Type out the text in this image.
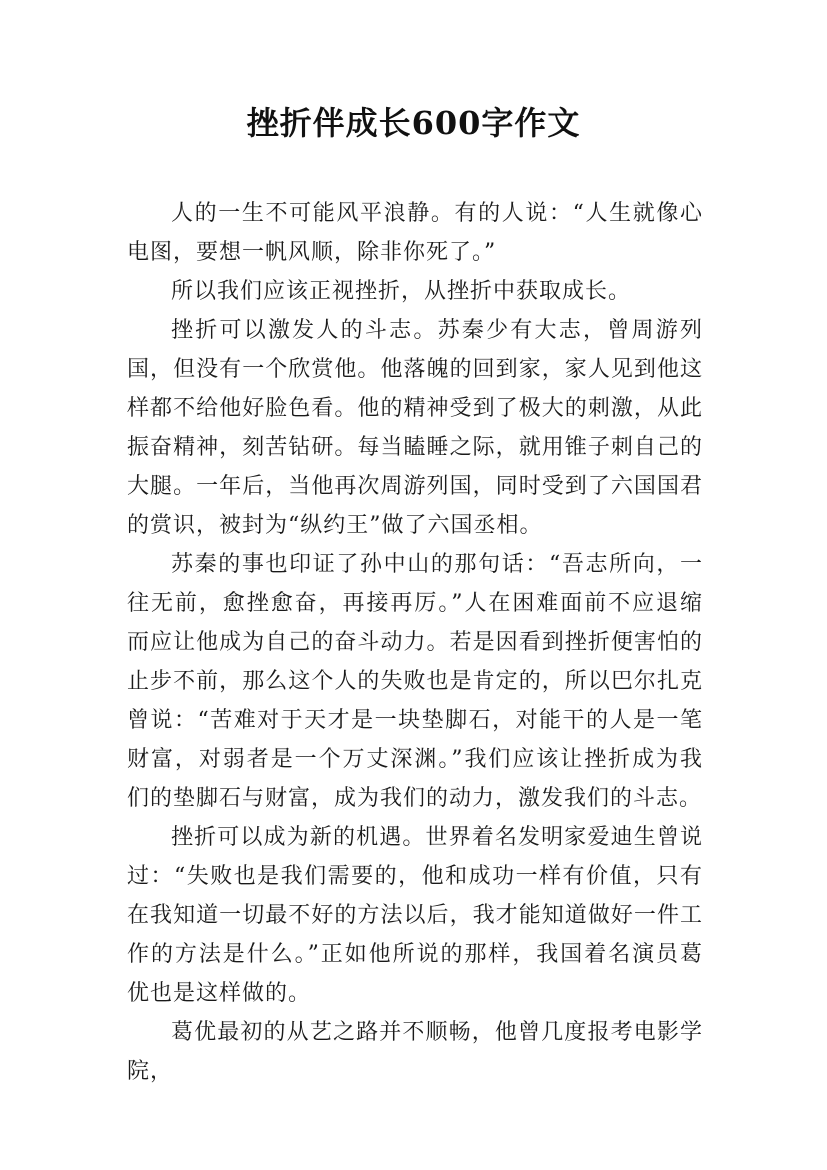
挫折伴成长600字作文

人的一生不可能风平浪静。有的人说：“人生就像心电图，要想一帆风顺，除非你死了。”

所以我们应该正视挫折，从挫折中获取成长。

挫折可以激发人的斗志。苏秦少有大志，曾周游列国，但没有一个欣赏他。他落魄的回到家，家人见到他这样都不给他好脸色看。他的精神受到了极大的刺激，从此振奋精神，刻苦钻研。每当瞌睡之际，就用锥子刺自己的大腿。一年后，当他再次周游列国，同时受到了六国国君的赏识，被封为“纵约王”做了六国丞相。

苏秦的事也印证了孙中山的那句话：“吾志所向，一往无前，愈挫愈奋，再接再厉。”人在困难面前不应退缩而应让他成为自己的奋斗动力。若是因看到挫折便害怕的止步不前，那么这个人的失败也是肯定的，所以巴尔扎克曾说：“苦难对于天才是一块垫脚石，对能干的人是一笔财富，对弱者是一个万丈深渊。”我们应该让挫折成为我们的垫脚石与财富，成为我们的动力，激发我们的斗志。

挫折可以成为新的机遇。世界着名发明家爱迪生曾说过：“失败也是我们需要的，他和成功一样有价值，只有在我知道一切最不好的方法以后，我才能知道做好一件工作的方法是什么。”正如他所说的那样，我国着名演员葛优也是这样做的。

葛优最初的从艺之路并不顺畅，他曾几度报考电影学院，
